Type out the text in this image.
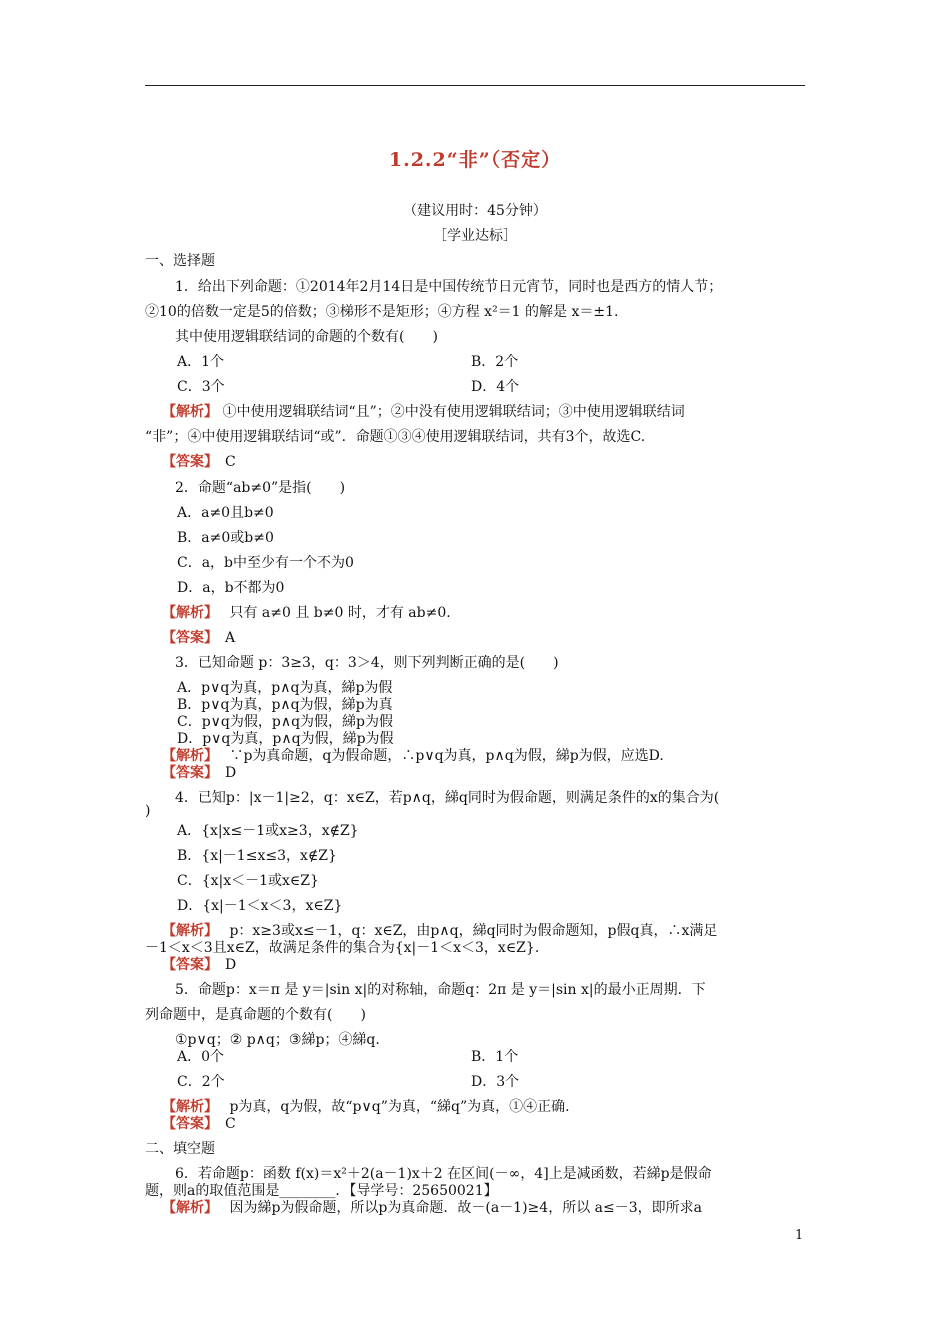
1.2.2“非”（否定）
（建议用时：45分钟）
［学业达标］
一、选择题
1．给出下列命题：①2014年2月14日是中国传统节日元宵节，同时也是西方的情人节；
②10的倍数一定是5的倍数；③梯形不是矩形；④方程 x²＝1 的解是 x＝±1.
其中使用逻辑联结词的命题的个数有(　　)
A．1个	B．2个
C．3个	D．4个
【解析】 ①中使用逻辑联结词“且”；②中没有使用逻辑联结词；③中使用逻辑联结词
“非”；④中使用逻辑联结词“或”．命题①③④使用逻辑联结词，共有3个，故选C.
【答案】　 C
2．命题“ab≠0”是指(　　)
A．a≠0且b≠0
B．a≠0或b≠0
C．a，b中至少有一个不为0
D．a，b不都为0
【解析】　 只有 a≠0 且 b≠0 时，才有 ab≠0.
【答案】　 A
3．已知命题 p：3≥3，q：3＞4，则下列判断正确的是(　　)
A．p∨q为真，p∧q为真，綈p为假
B．p∨q为真，p∧q为假，綈p为真
C．p∨q为假，p∧q为假，綈p为假
D．p∨q为真，p∧q为假，綈p为假
【解析】　 ∵p为真命题，q为假命题，∴p∨q为真，p∧q为假，綈p为假，应选D.
【答案】　 D
4．已知p：|x－1|≥2，q：x∈Z，若p∧q，綈q同时为假命题，则满足条件的x的集合为(
)
A．{x|x≤－1或x≥3，x∉Z}
B．{x|－1≤x≤3，x∉Z}
C．{x|x＜－1或x∈Z}
D．{x|－1＜x＜3，x∈Z}
【解析】　 p：x≥3或x≤－1，q：x∈Z，由p∧q，綈q同时为假命题知，p假q真，∴x满足
－1＜x＜3且x∈Z，故满足条件的集合为{x|－1＜x＜3，x∈Z}.
【答案】　 D
5．命题p：x＝π 是 y＝|sin x|的对称轴，命题q：2π 是 y＝|sin x|的最小正周期．下
列命题中，是真命题的个数有(　　)
①p∨q；② p∧q；③綈p；④綈q.
A．0个	B．1个
C．2个	D．3个
【解析】　 p为真，q为假，故“p∨q”为真，“綈q”为真，①④正确.
【答案】　 C
二、填空题
6．若命题p：函数 f(x)＝x²＋2(a－1)x＋2 在区间(－∞，4]上是减函数，若綈p是假命
题，则a的取值范围是________．【导学号：25650021】
【解析】　 因为綈p为假命题，所以p为真命题．故－(a－1)≥4，所以 a≤－3，即所求a
1
